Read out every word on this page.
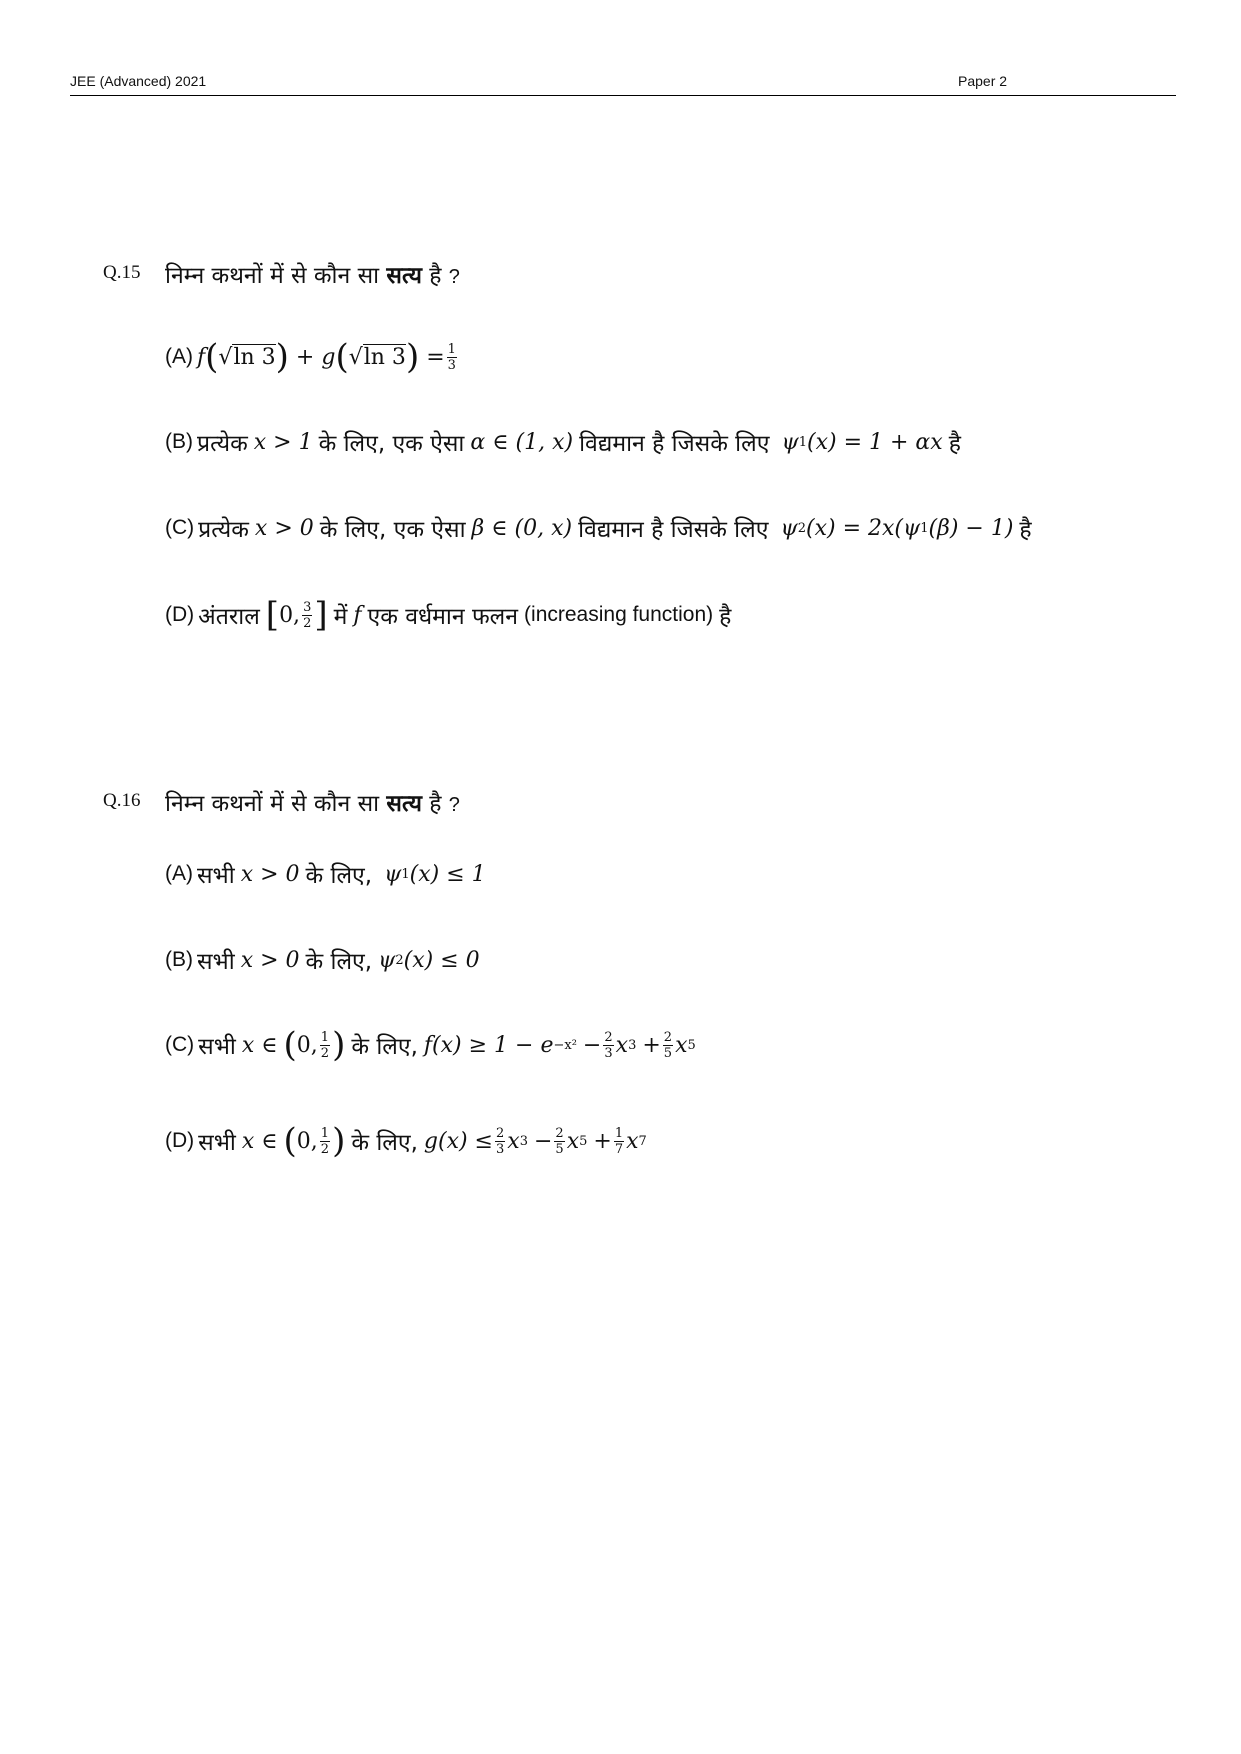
JEE (Advanced) 2021	Paper 2
Q.15 निम्न कथनों में से कौन सा सत्य है ?
(A) f ( √ ln 3 ) + g ( √ ln 3 )
= $\frac{1}{3}$
(B) प्रत्येक x > 1 के लिए, एक ऐसा α ∈ (1, x) विद्यमान है जिसके लिए ψ 1 (x) = 1 + αx है
(C) प्रत्येक x > 0 के लिए, एक ऐसा β ∈ (0, x) विद्यमान है जिसके लिए ψ 2 (x) = 2x(ψ 1 (β) − 1) है
(D) अंतराल [ 0, $\frac{3}{2}$ ] में f एक वर्धमान फलन (increasing function) है
Q.16 निम्न कथनों में से कौन सा सत्य है ?
(A) सभी x > 0 के लिए, ψ 1 (x) ≤ 1
(B) सभी x > 0 के लिए, ψ 2 (x) ≤ 0
(C) सभी x ∈ ( 0, $\frac{1}{2}$ ) के लिए, $f(x) \ge 1 - e -x^2 - \frac{2}{3}$ x $3 + \frac{2}{5}$ x 5
(D) सभी x ∈ ( 0, $\frac{1}{2}$ ) के लिए, $g(x) \le \frac{2}{3}$ x $3 - \frac{2}{5}$ x $5 + \frac{1}{7}$ x 7
